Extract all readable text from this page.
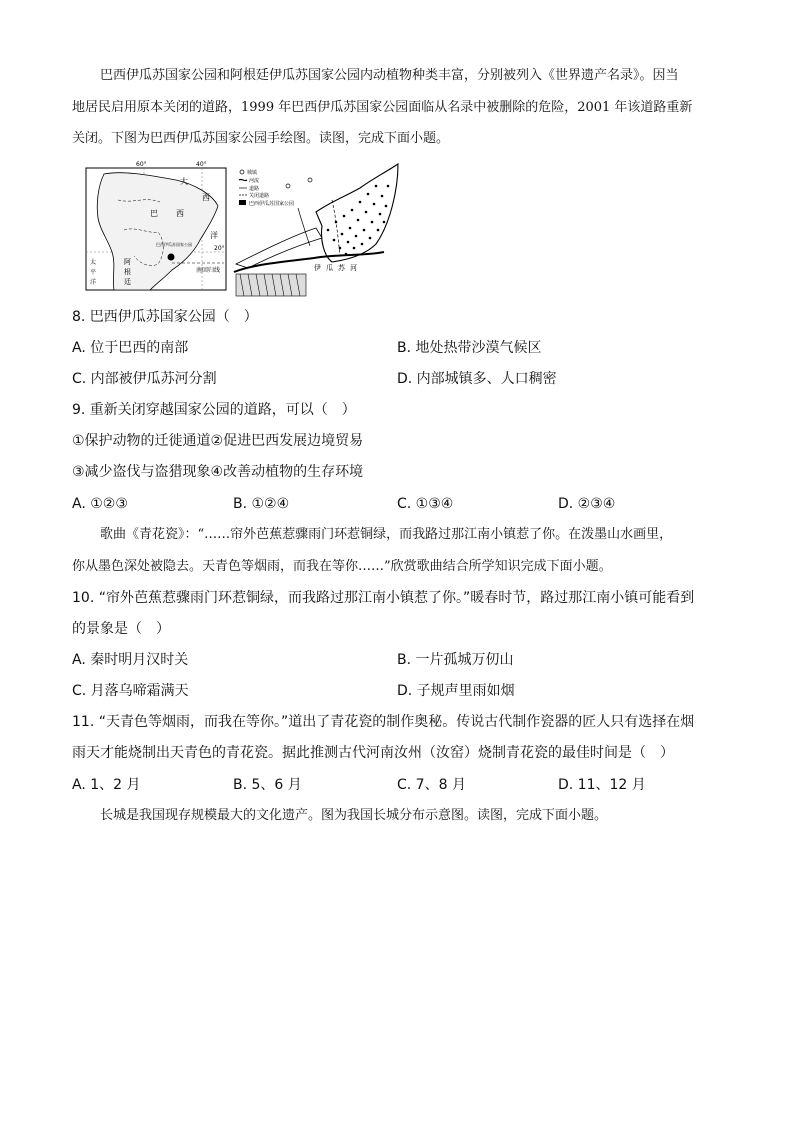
巴西伊瓜苏国家公园和阿根廷伊瓜苏国家公园内动植物种类丰富，分别被列入《世界遗产名录》。因当
地居民启用原本关闭的道路，1999 年巴西伊瓜苏国家公园面临从名录中被删除的危险，2001 年该道路重新
关闭。下图为巴西伊瓜苏国家公园手绘图。读图，完成下面小题。
60°	40°
20°
大
西
洋
巴 西
太
平
洋
阿
根
廷
巴西伊瓜苏国家公园
南回归线
城镇
河流
道路
关闭道路
巴西伊瓜苏国家公园
伊 瓜 苏 河
8. 巴西伊瓜苏国家公园（　）
A. 位于巴西的南部	B. 地处热带沙漠气候区
C. 内部被伊瓜苏河分割	D. 内部城镇多、人口稠密
9. 重新关闭穿越国家公园的道路，可以（　）
①保护动物的迁徙通道②促进巴西发展边境贸易
③减少盗伐与盗猎现象④改善动植物的生存环境
A. ①②③	B. ①②④	C. ①③④	D. ②③④
歌曲《青花瓷》：“……帘外芭蕉惹骤雨门环惹铜绿，而我路过那江南小镇惹了你。在泼墨山水画里，
你从墨色深处被隐去。天青色等烟雨，而我在等你……”欣赏歌曲结合所学知识完成下面小题。
10. “帘外芭蕉惹骤雨门环惹铜绿，而我路过那江南小镇惹了你。”暖春时节，路过那江南小镇可能看到
的景象是（　）
A. 秦时明月汉时关	B. 一片孤城万仞山
C. 月落乌啼霜满天	D. 子规声里雨如烟
11. “天青色等烟雨，而我在等你。”道出了青花瓷的制作奥秘。传说古代制作瓷器的匠人只有选择在烟
雨天才能烧制出天青色的青花瓷。据此推测古代河南汝州（汝窑）烧制青花瓷的最佳时间是（　）
A. 1、2 月	B. 5、6 月	C. 7、8 月	D. 11、12 月
长城是我国现存规模最大的文化遗产。图为我国长城分布示意图。读图，完成下面小题。
